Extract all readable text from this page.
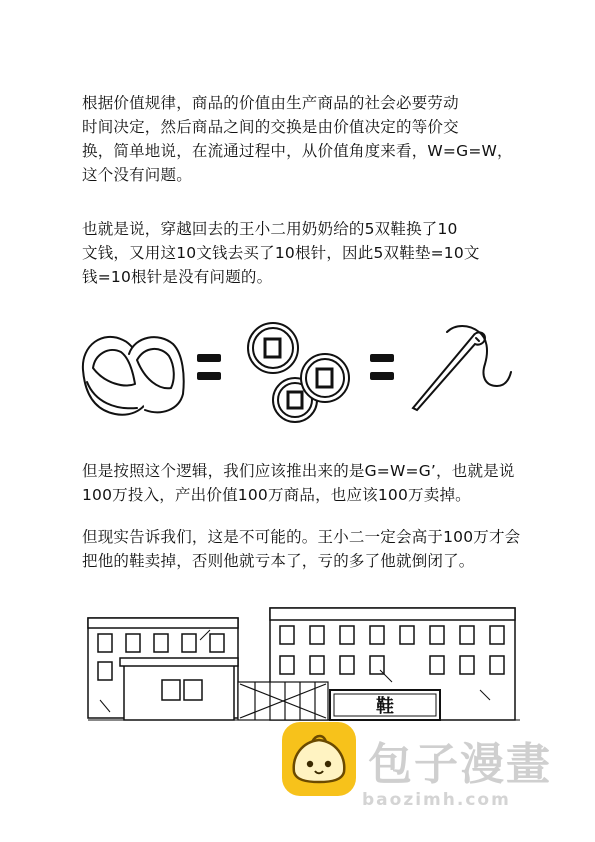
根据价值规律，商品的价值由生产商品的社会必要劳动
时间决定，然后商品之间的交换是由价值决定的等价交
换，简单地说，在流通过程中，从价值角度来看，W=G=W，
这个没有问题。
也就是说，穿越回去的王小二用奶奶给的5双鞋换了10
文钱，又用这10文钱去买了10根针，因此5双鞋垫=10文
钱=10根针是没有问题的。
但是按照这个逻辑，我们应该推出来的是G=W=G’，也就是说
100万投入，产出价值100万商品，也应该100万卖掉。
但现实告诉我们，这是不可能的。王小二一定会高于100万才会
把他的鞋卖掉，否则他就亏本了，亏的多了他就倒闭了。
鞋
包子漫畫
baozimh.com
